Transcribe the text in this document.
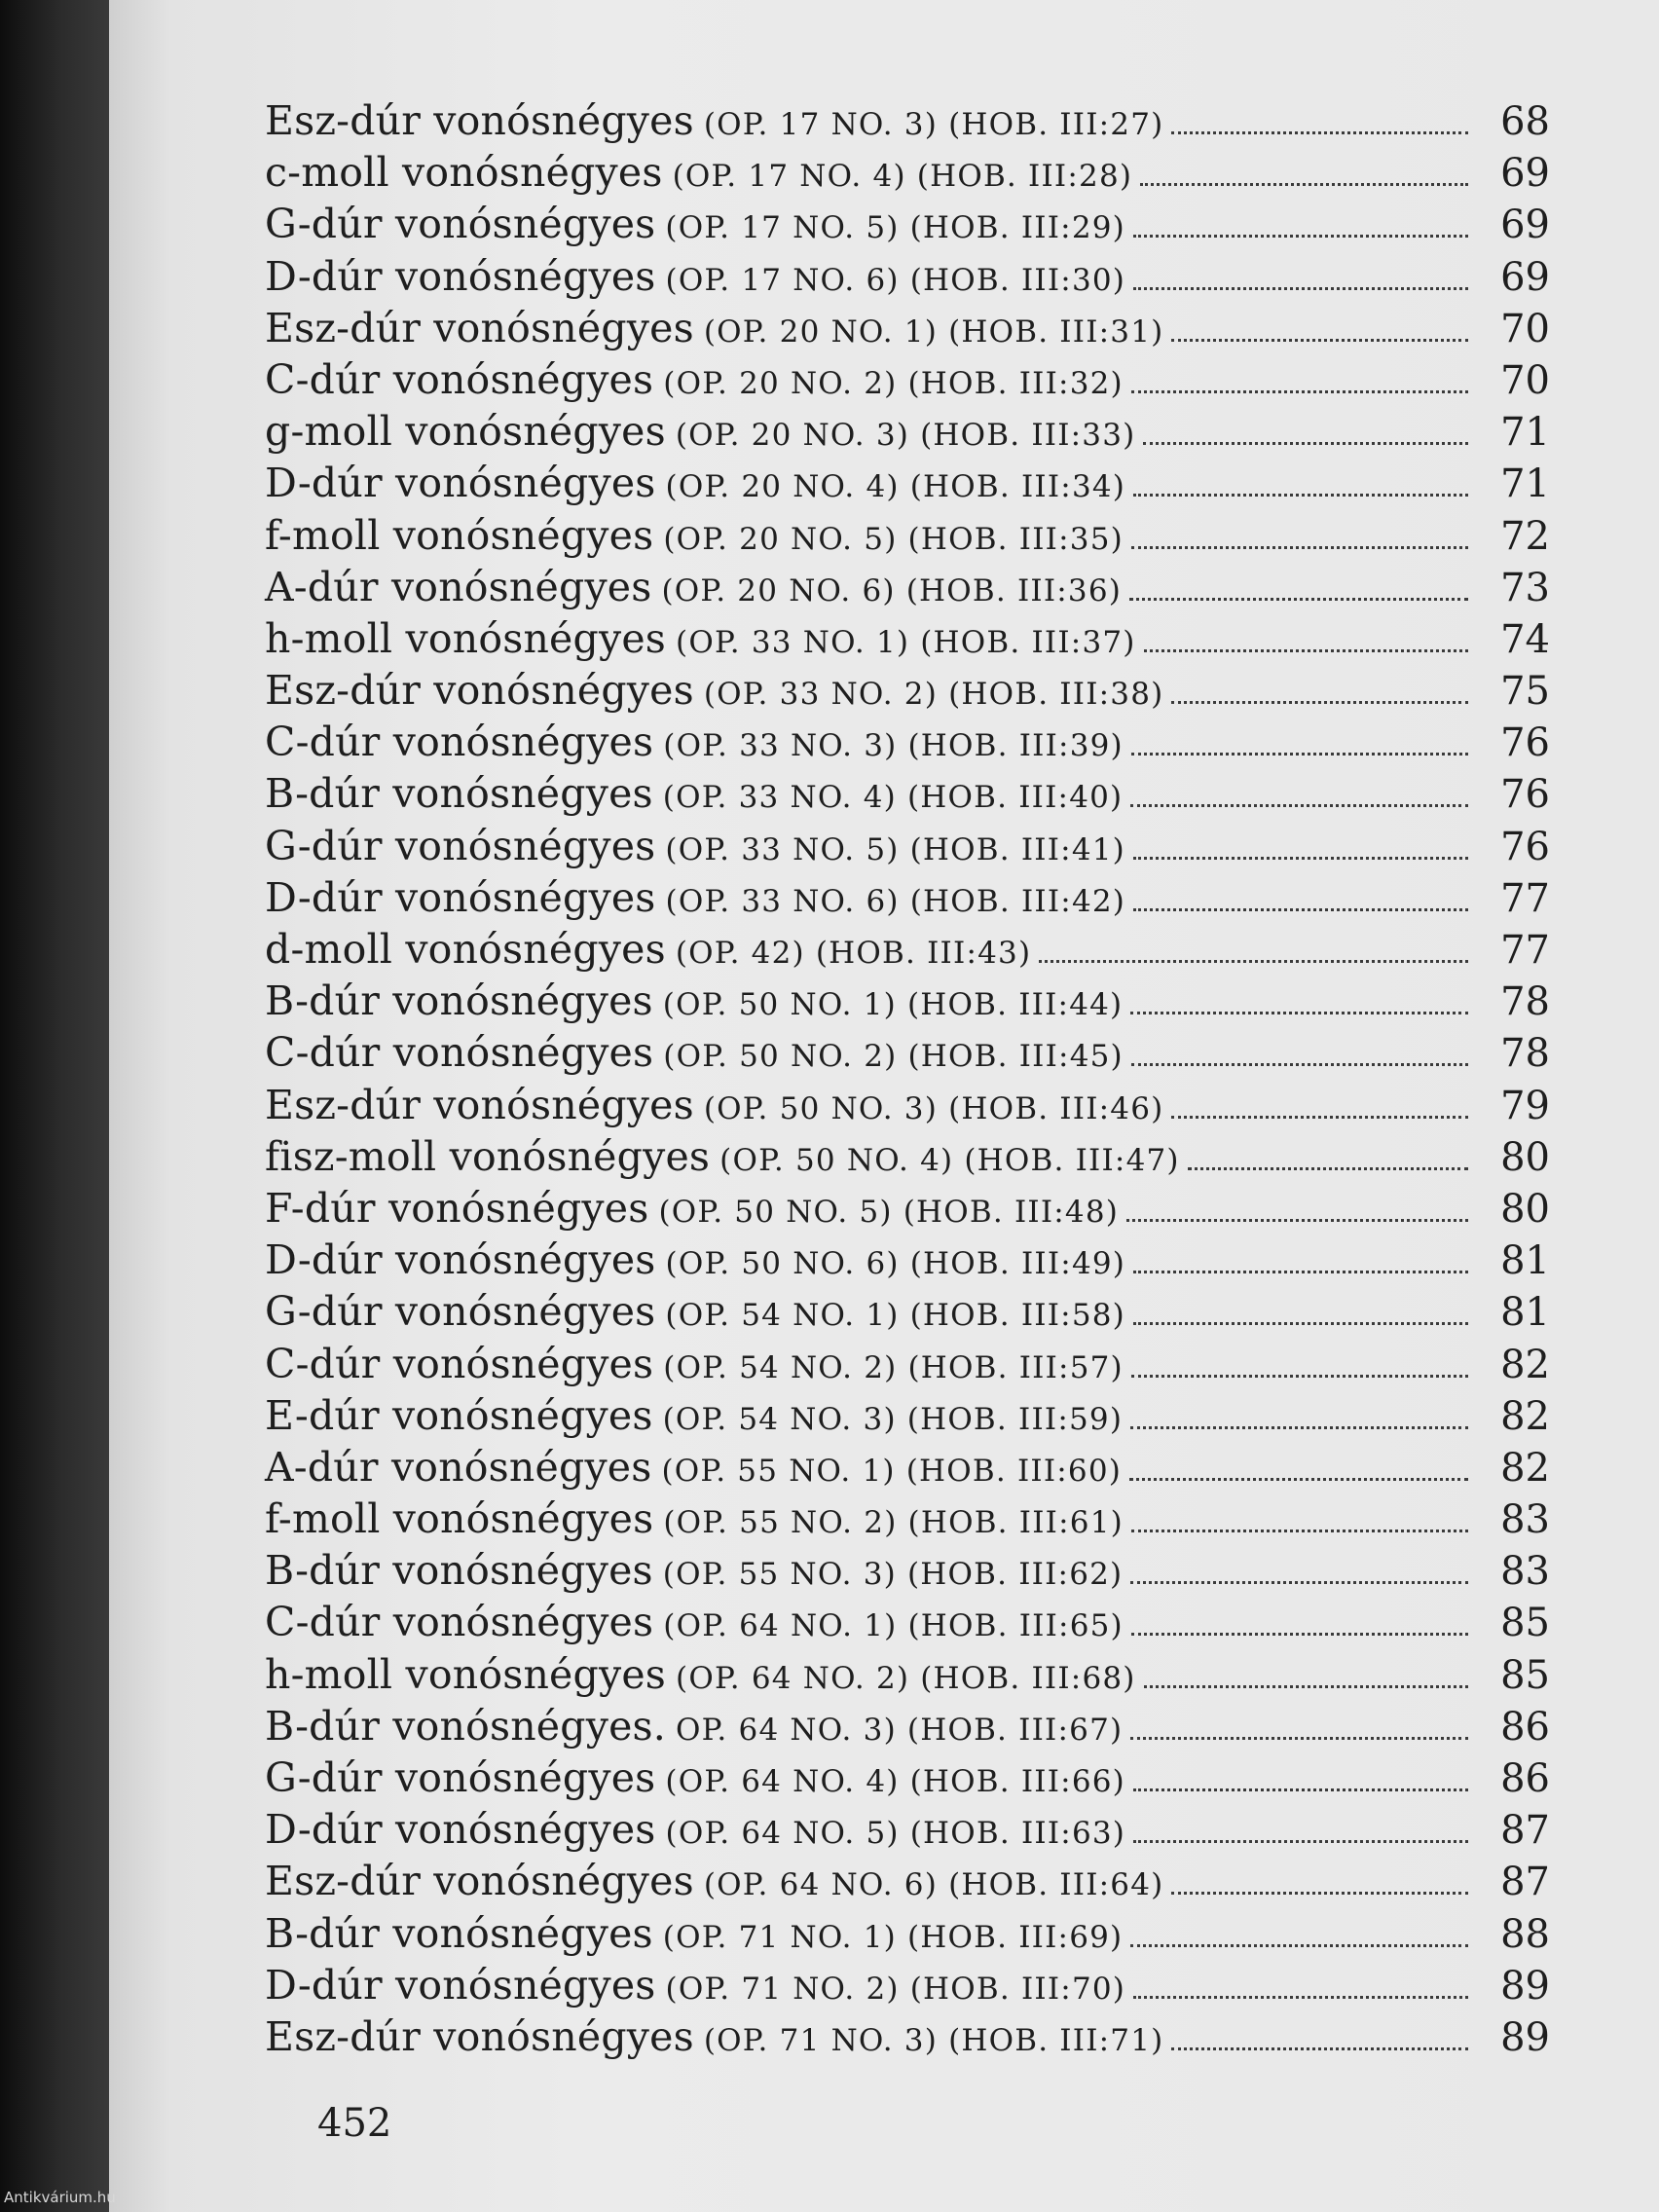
Esz-dúr vonósnégyes (OP. 17 NO. 3) (HOB. III:27)	68
c-moll vonósnégyes (OP. 17 NO. 4) (HOB. III:28)	69
G-dúr vonósnégyes (OP. 17 NO. 5) (HOB. III:29)	69
D-dúr vonósnégyes (OP. 17 NO. 6) (HOB. III:30)	69
Esz-dúr vonósnégyes (OP. 20 NO. 1) (HOB. III:31)	70
C-dúr vonósnégyes (OP. 20 NO. 2) (HOB. III:32)	70
g-moll vonósnégyes (OP. 20 NO. 3) (HOB. III:33)	71
D-dúr vonósnégyes (OP. 20 NO. 4) (HOB. III:34)	71
f-moll vonósnégyes (OP. 20 NO. 5) (HOB. III:35)	72
A-dúr vonósnégyes (OP. 20 NO. 6) (HOB. III:36)	73
h-moll vonósnégyes (OP. 33 NO. 1) (HOB. III:37)	74
Esz-dúr vonósnégyes (OP. 33 NO. 2) (HOB. III:38)	75
C-dúr vonósnégyes (OP. 33 NO. 3) (HOB. III:39)	76
B-dúr vonósnégyes (OP. 33 NO. 4) (HOB. III:40)	76
G-dúr vonósnégyes (OP. 33 NO. 5) (HOB. III:41)	76
D-dúr vonósnégyes (OP. 33 NO. 6) (HOB. III:42)	77
d-moll vonósnégyes (OP. 42) (HOB. III:43)	77
B-dúr vonósnégyes (OP. 50 NO. 1) (HOB. III:44)	78
C-dúr vonósnégyes (OP. 50 NO. 2) (HOB. III:45)	78
Esz-dúr vonósnégyes (OP. 50 NO. 3) (HOB. III:46)	79
fisz-moll vonósnégyes (OP. 50 NO. 4) (HOB. III:47)	80
F-dúr vonósnégyes (OP. 50 NO. 5) (HOB. III:48)	80
D-dúr vonósnégyes (OP. 50 NO. 6) (HOB. III:49)	81
G-dúr vonósnégyes (OP. 54 NO. 1) (HOB. III:58)	81
C-dúr vonósnégyes (OP. 54 NO. 2) (HOB. III:57)	82
E-dúr vonósnégyes (OP. 54 NO. 3) (HOB. III:59)	82
A-dúr vonósnégyes (OP. 55 NO. 1) (HOB. III:60)	82
f-moll vonósnégyes (OP. 55 NO. 2) (HOB. III:61)	83
B-dúr vonósnégyes (OP. 55 NO. 3) (HOB. III:62)	83
C-dúr vonósnégyes (OP. 64 NO. 1) (HOB. III:65)	85
h-moll vonósnégyes (OP. 64 NO. 2) (HOB. III:68)	85
B-dúr vonósnégyes. OP. 64 NO. 3) (HOB. III:67)	86
G-dúr vonósnégyes (OP. 64 NO. 4) (HOB. III:66)	86
D-dúr vonósnégyes (OP. 64 NO. 5) (HOB. III:63)	87
Esz-dúr vonósnégyes (OP. 64 NO. 6) (HOB. III:64)	87
B-dúr vonósnégyes (OP. 71 NO. 1) (HOB. III:69)	88
D-dúr vonósnégyes (OP. 71 NO. 2) (HOB. III:70)	89
Esz-dúr vonósnégyes (OP. 71 NO. 3) (HOB. III:71)	89
452
Antikvárium.hu
